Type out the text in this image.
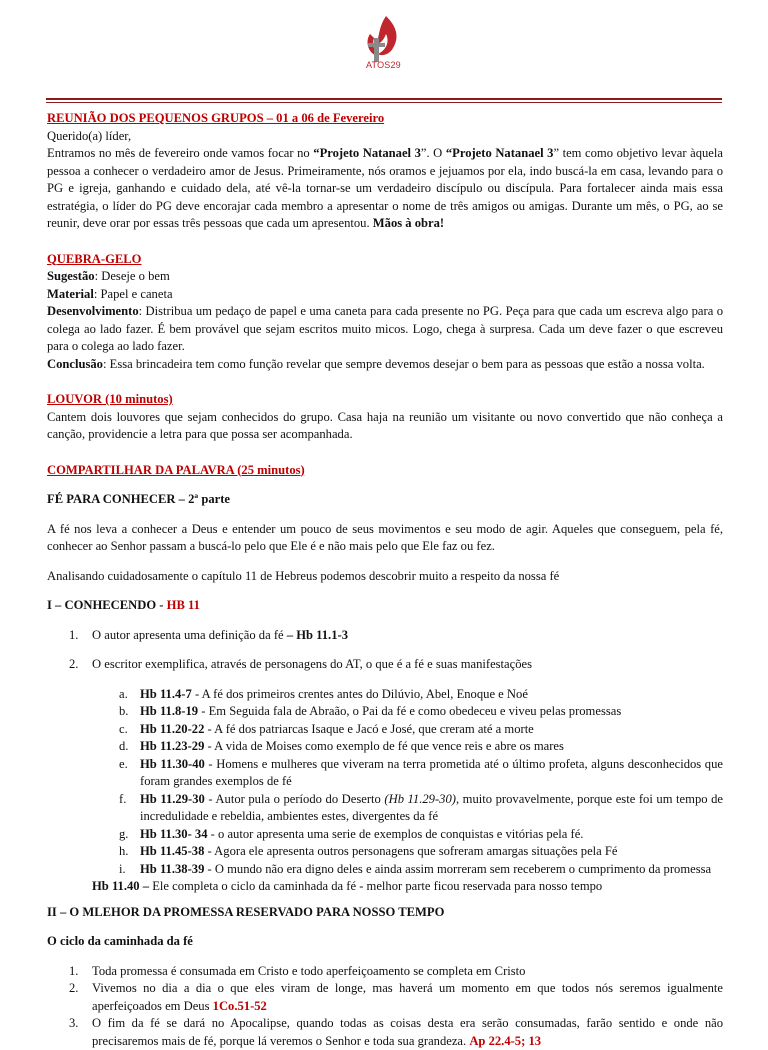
ATOS29

REUNIÃO DOS PEQUENOS GRUPOS – 01 a 06 de Fevereiro

Querido(a) líder,

Entramos no mês de fevereiro onde vamos focar no “Projeto Natanael 3”. O “Projeto Natanael 3” tem como objetivo levar àquela pessoa a conhecer o verdadeiro amor de Jesus. Primeiramente, nós oramos e jejuamos por ela, indo buscá-la em casa, levando para o PG e igreja, ganhando e cuidado dela, até vê-la tornar-se um verdadeiro discípulo ou discípula. Para fortalecer ainda mais essa estratégia, o líder do PG deve encorajar cada membro a apresentar o nome de três amigos ou amigas. Durante um mês, o PG, ao se reunir, deve orar por essas três pessoas que cada um apresentou. Mãos à obra!

QUEBRA-GELO

Sugestão: Deseje o bem

Material: Papel e caneta

Desenvolvimento: Distribua um pedaço de papel e uma caneta para cada presente no PG. Peça para que cada um escreva algo para o colega ao lado fazer. É bem provável que sejam escritos muito micos. Logo, chega à surpresa. Cada um deve fazer o que escreveu para o colega ao lado fazer.

Conclusão: Essa brincadeira tem como função revelar que sempre devemos desejar o bem para as pessoas que estão a nossa volta.

LOUVOR (10 minutos)

Cantem dois louvores que sejam conhecidos do grupo. Casa haja na reunião um visitante ou novo convertido que não conheça a canção, providencie a letra para que possa ser acompanhada.

COMPARTILHAR DA PALAVRA (25 minutos)

FÉ PARA CONHECER – 2ª parte

A fé nos leva a conhecer a Deus e entender um pouco de seus movimentos e seu modo de agir. Aqueles que conseguem, pela fé, conhecer ao Senhor passam a buscá-lo pelo que Ele é e não mais pelo que Ele faz ou fez.

Analisando cuidadosamente o capítulo 11 de Hebreus podemos descobrir muito a respeito da nossa fé

I – CONHECENDO - HB 11

1. O autor apresenta uma definição da fé – Hb 11.1-3

2. O escritor exemplifica, através de personagens do AT, o que é a fé e suas manifestações

a. Hb 11.4-7 - A fé dos primeiros crentes antes do Dilúvio, Abel, Enoque e Noé

b. Hb 11.8-19 - Em Seguida fala de Abraão, o Pai da fé e como obedeceu e viveu pelas promessas

c. Hb 11.20-22 - A fé dos patriarcas Isaque e Jacó e José, que creram até a morte

d. Hb 11.23-29 - A vida de Moises como exemplo de fé que vence reis e abre os mares

e. Hb 11.30-40 - Homens e mulheres que viveram na terra prometida até o último profeta, alguns desconhecidos que foram grandes exemplos de fé

f. Hb 11.29-30 - Autor pula o período do Deserto (Hb 11.29-30), muito provavelmente, porque este foi um tempo de incredulidade e rebeldia, ambientes estes, divergentes da fé

g. Hb 11.30- 34 - o autor apresenta uma serie de exemplos de conquistas e vitórias pela fé.

h. Hb 11.45-38 - Agora ele apresenta outros personagens que sofreram amargas situações pela Fé

i. Hb 11.38-39 - O mundo não era digno deles e ainda assim morreram sem receberem o cumprimento da promessa

Hb 11.40 – Ele completa o ciclo da caminhada da fé - melhor parte ficou reservada para nosso tempo

II – O MLEHOR DA PROMESSA RESERVADO PARA NOSSO TEMPO

O ciclo da caminhada da fé

1. Toda promessa é consumada em Cristo e todo aperfeiçoamento se completa em Cristo

2. Vivemos no dia a dia o que eles viram de longe, mas haverá um momento em que todos nós seremos igualmente aperfeiçoados em Deus 1Co.51-52

3. O fim da fé se dará no Apocalipse, quando todas as coisas desta era serão consumadas, farão sentido e onde não precisaremos mais de fé, porque lá veremos o Senhor e toda sua grandeza. Ap 22.4-5; 13
